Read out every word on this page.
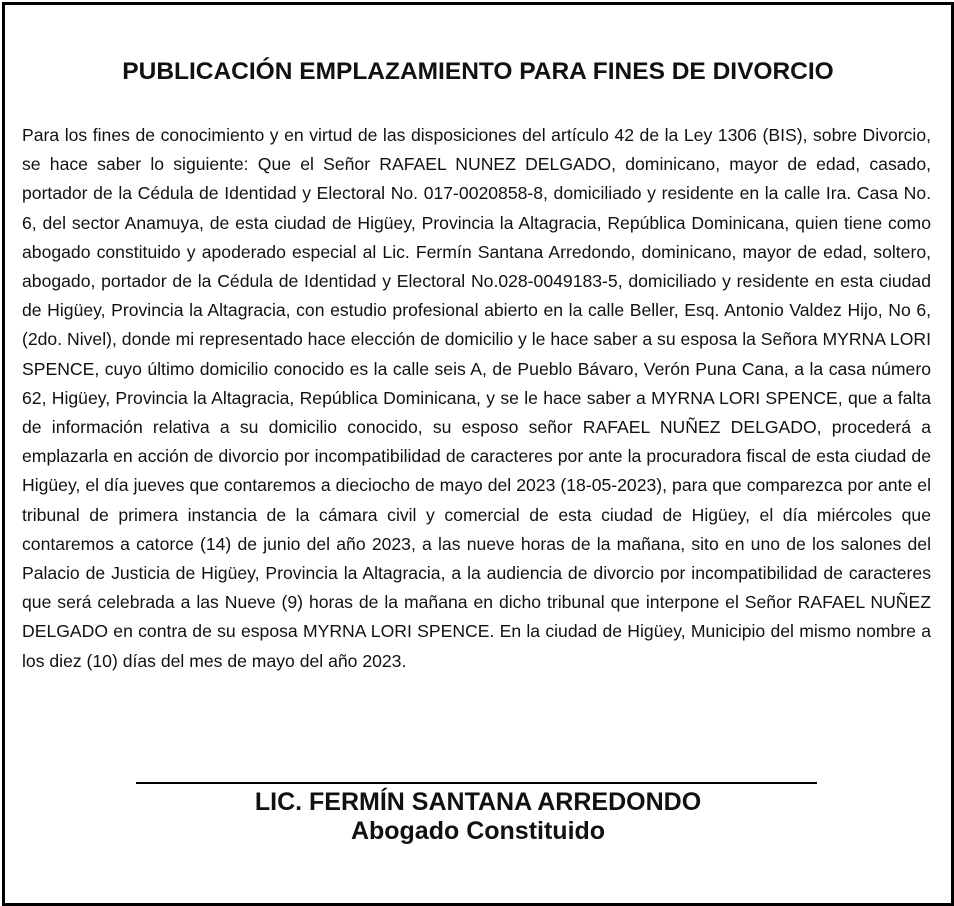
PUBLICACIÓN EMPLAZAMIENTO PARA FINES DE DIVORCIO

Para los fines de conocimiento y en virtud de las disposiciones del artículo 42 de la Ley 1306 (BIS), sobre Divorcio, se hace saber lo siguiente: Que el Señor RAFAEL NUNEZ DELGADO, dominicano, mayor de edad, casado, portador de la Cédula de Identidad y Electoral No. 017-0020858-8, domiciliado y residente en la calle Ira. Casa No. 6, del sector Anamuya, de esta ciudad de Higüey, Provincia la Altagracia, República Dominicana, quien tiene como abogado constituido y apoderado especial al Lic. Fermín Santana Arredondo, dominicano, mayor de edad, soltero, abogado, portador de la Cédula de Identidad y Electoral No.028-0049183-5, domiciliado y residente en esta ciudad de Higüey, Provincia la Altagracia, con estudio profesional abierto en la calle Beller, Esq. Antonio Valdez Hijo, No 6, (2do. Nivel), donde mi representado hace elección de domicilio y le hace saber a su esposa la Señora MYRNA LORI SPENCE, cuyo último domicilio conocido es la calle seis A, de Pueblo Bávaro, Verón Puna Cana, a la casa número 62, Higüey, Provincia la Altagracia, República Dominicana, y se le hace saber a MYRNA LORI SPENCE, que a falta de información relativa a su domicilio conocido, su esposo señor RAFAEL NUÑEZ DELGADO, procederá a emplazarla en acción de divorcio por incompatibilidad de caracteres por ante la procuradora fiscal de esta ciudad de Higüey, el día jueves que contaremos a dieciocho de mayo del 2023 (18-05-2023), para que comparezca por ante el tribunal de primera instancia de la cámara civil y comercial de esta ciudad de Higüey, el día miércoles que contaremos a catorce (14) de junio del año 2023, a las nueve horas de la mañana, sito en uno de los salones del Palacio de Justicia de Higüey, Provincia la Altagracia, a la audiencia de divorcio por incompatibilidad de caracteres que será celebrada a las Nueve (9) horas de la mañana en dicho tribunal que interpone el Señor RAFAEL NUÑEZ DELGADO en contra de su esposa MYRNA LORI SPENCE. En la ciudad de Higüey, Municipio del mismo nombre a los diez (10) días del mes de mayo del año 2023.

LIC. FERMÍN SANTANA ARREDONDO
Abogado Constituido
